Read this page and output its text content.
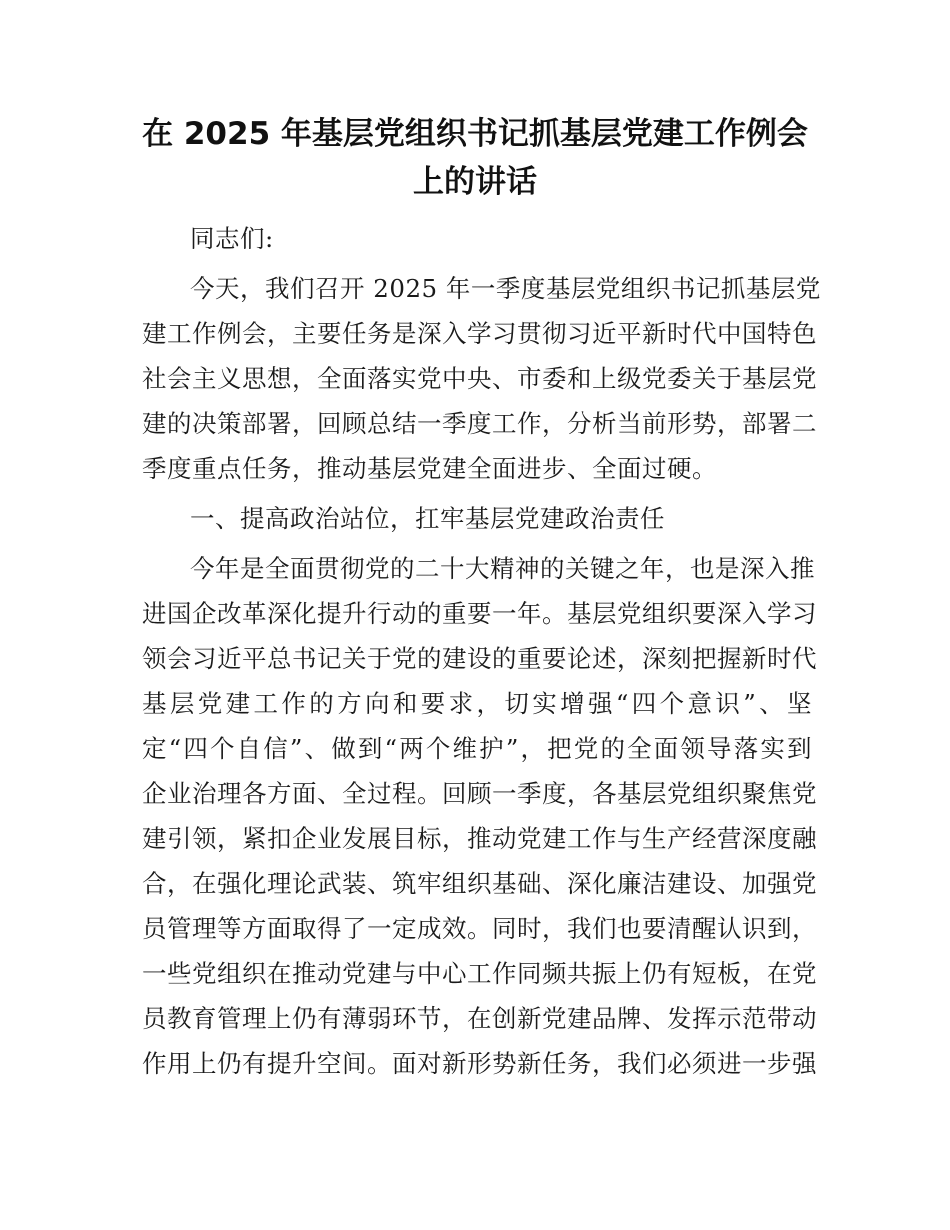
在 2025 年基层党组织书记抓基层党建工作例会
上的讲话

同志们:

今天，我们召开 2025 年一季度基层党组织书记抓基层党

建工作例会，主要任务是深入学习贯彻习近平新时代中国特色

社会主义思想，全面落实党中央、市委和上级党委关于基层党

建的决策部署，回顾总结一季度工作，分析当前形势，部署二

季度重点任务，推动基层党建全面进步、全面过硬。

一、提高政治站位，扛牢基层党建政治责任

今年是全面贯彻党的二十大精神的关键之年，也是深入推

进国企改革深化提升行动的重要一年。基层党组织要深入学习

领会习近平总书记关于党的建设的重要论述，深刻把握新时代

基层党建工作的方向和要求，切实增强“四个意识”、坚

定“四个自信”、做到“两个维护”，把党的全面领导落实到

企业治理各方面、全过程。回顾一季度，各基层党组织聚焦党

建引领，紧扣企业发展目标，推动党建工作与生产经营深度融

合，在强化理论武装、筑牢组织基础、深化廉洁建设、加强党

员管理等方面取得了一定成效。同时，我们也要清醒认识到，

一些党组织在推动党建与中心工作同频共振上仍有短板，在党

员教育管理上仍有薄弱环节，在创新党建品牌、发挥示范带动

作用上仍有提升空间。面对新形势新任务，我们必须进一步强
